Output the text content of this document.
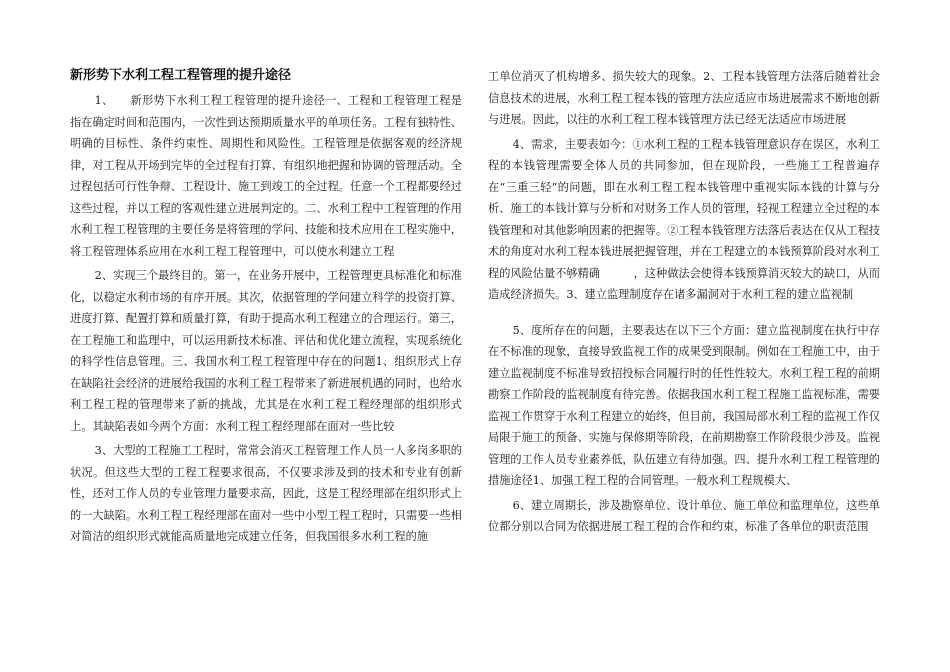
新形势下水利工程工程管理的提升途径

1、　　新形势下水利工程工程管理的提升途径一、工程和工程管理工程是指在确定时间和范围内，一次性到达预期质量水平的单项任务。工程有独特性、明确的目标性、条件约束性、周期性和风险性。工程管理是依据客观的经济规律，对工程从开场到完毕的全过程有打算、有组织地把握和协调的管理活动。全过程包括可行性争辩、工程设计、施工到竣工的全过程。任意一个工程都要经过这些过程，并以工程的客观性建立进展判定的。二、水利工程中工程管理的作用水利工程工程管理的主要任务是将管理的学问、技能和技术应用在工程实施中，将工程管理体系应用在水利工程工程管理中，可以使水利建立工程

2、实现三个最终目的。第一，在业务开展中，工程管理更具标准化和标准化，以稳定水利市场的有序开展。其次，依据管理的学问建立科学的投资打算、进度打算、配置打算和质量打算，有助于提高水利工程建立的合理运行。第三，在工程施工和监理中，可以运用新技术标准、评估和优化建立流程，实现系统化的科学性信息管理。三、我国水利工程工程管理中存在的问题1、组织形式上存在缺陷社会经济的进展给我国的水利工程工程带来了新进展机遇的同时，也给水利工程工程的管理带来了新的挑战，尤其是在水利工程工程经理部的组织形式上。其缺陷表如今两个方面：水利工程工程经理部在面对一些比较

3、大型的工程施工工程时，常常会消灭工程管理工作人员一人多岗多职的状况。但这些大型的工程工程要求很高，不仅要求涉及到的技术和专业有创新性，还对工作人员的专业管理力量要求高，因此，这是工程经理部在组织形式上的一大缺陷。水利工程工程经理部在面对一些中小型工程工程时，只需要一些相对简洁的组织形式就能高质量地完成建立任务，但我国很多水利工程的施

工单位消灭了机构增多、损失较大的现象。2、工程本钱管理方法落后随着社会信息技术的进展，水利工程工程本钱的管理方法应适应市场进展需求不断地创新与进展。因此，以往的水利工程工程本钱管理方法已经无法适应市场进展

4、需求，主要表如今：①水利工程的工程本钱管理意识存在误区，水利工程的本钱管理需要全体人员的共同参加，但在现阶段，一些施工工程普遍存在“三重三轻”的问题，即在水利工程工程本钱管理中重视实际本钱的计算与分析、施工的本钱计算与分析和对财务工作人员的管理，轻视工程建立全过程的本钱管理和对其他影响因素的把握等。②工程本钱管理方法落后表达在仅从工程技术的角度对水利工程本钱进展把握管理，并在工程建立的本钱预算阶段对水利工程的风险估量不够精确　　　，这种做法会使得本钱预算消灭较大的缺口，从而造成经济损失。3、建立监理制度存在诸多漏洞对于水利工程的建立监视制

5、度所存在的问题，主要表达在以下三个方面：建立监视制度在执行中存在不标准的现象，直接导致监视工作的成果受到限制。例如在工程施工中，由于建立监视制度不标准导致招投标合同履行时的任性性较大。水利工程工程的前期勘察工作阶段的监视制度有待完善。依据我国水利工程工程施工监视标准，需要监视工作贯穿于水利工程建立的始终，但目前，我国局部水利工程的监视工作仅局限于施工的预备、实施与保修期等阶段，在前期勘察工作阶段很少涉及。监视管理的工作人员专业素养低，队伍建立有待加强。四、提升水利工程工程管理的措施途径1、加强工程工程的合同管理。一般水利工程规模大、

6、建立周期长，涉及勘察单位、设计单位、施工单位和监理单位，这些单位都分别以合同为依据进展工程工程的合作和约束，标准了各单位的职责范围
